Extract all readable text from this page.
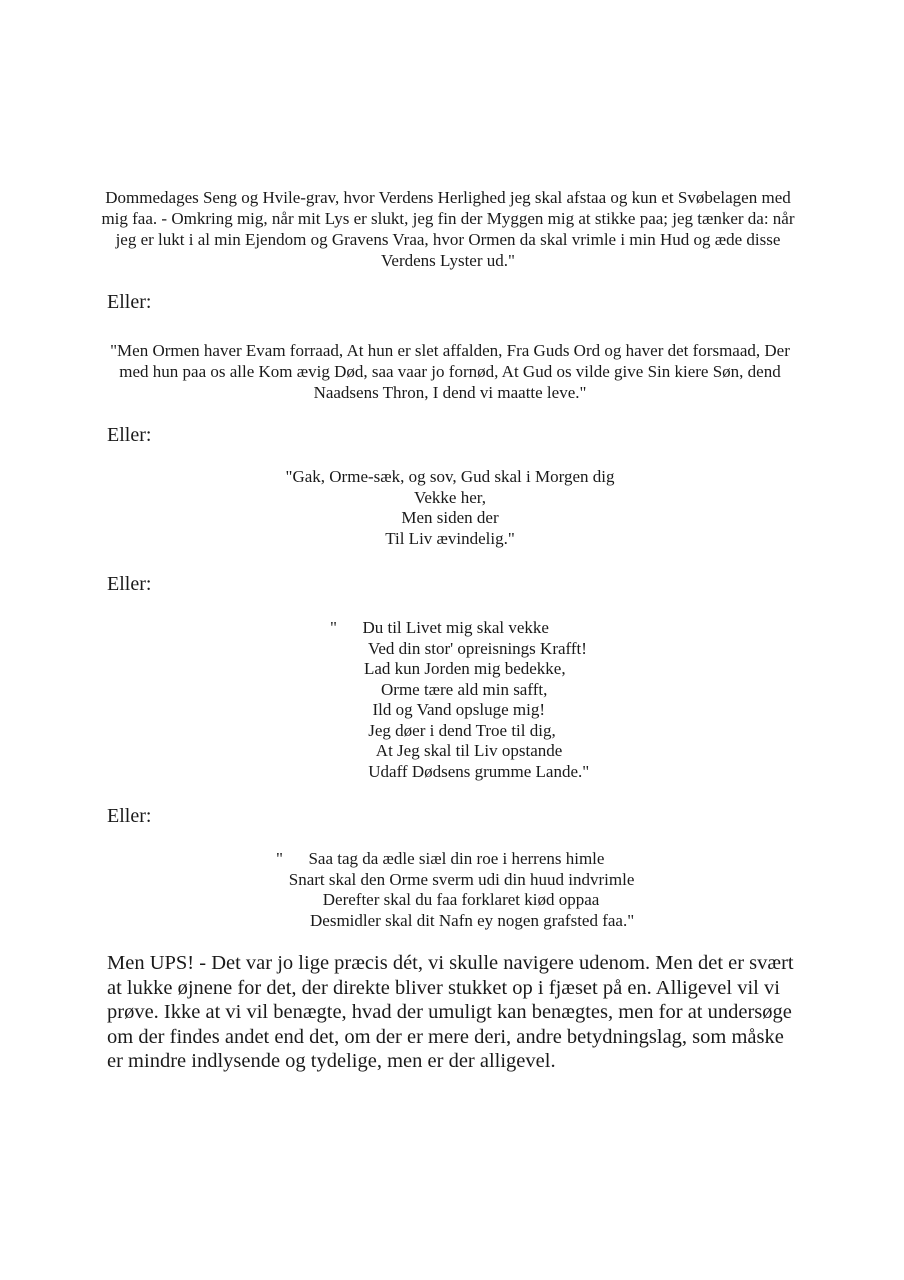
Dommedages Seng og Hvile-grav, hvor Verdens Herlighed jeg skal afstaa og kun et Svøbelagen med mig faa. - Omkring mig, når mit Lys er slukt, jeg fin der Myggen mig at stikke paa; jeg tænker da: når jeg er lukt i al min Ejendom og Gravens Vraa, hvor Ormen da skal vrimle i min Hud og æde disse Verdens Lyster ud."
Eller:
"Men Ormen haver Evam forraad, At hun er slet affalden, Fra Guds Ord og haver det forsmaad, Der med hun paa os alle Kom ævig Død, saa vaar jo fornød, At Gud os vilde give Sin kiere Søn, dend Naadsens Thron, I dend vi maatte leve."
Eller:
"Gak, Orme-sæk, og sov, Gud skal i Morgen dig
Vekke her,
Men siden der
Til Liv ævindelig."
Eller:
"      Du til Livet mig skal vekke
Ved din stor' opreisnings Krafft!
Lad kun Jorden mig bedekke,
Orme tære ald min safft,
Ild og Vand opsluge mig!
Jeg døer i dend Troe til dig,
At Jeg skal til Liv opstande
Udaff Dødsens grumme Lande."
Eller:
"      Saa tag da ædle siæl din roe i herrens himle
Snart skal den Orme sverm udi din huud indvrimle
Derefter skal du faa forklaret kiød oppaa
Desmidler skal dit Nafn ey nogen grafsted faa."
Men UPS! - Det var jo lige præcis dét, vi skulle navigere udenom. Men det er svært at lukke øjnene for det, der direkte bliver stukket op i fjæset på en. Alligevel vil vi prøve. Ikke at vi vil benægte, hvad der umuligt kan benægtes, men for at undersøge om der findes andet end det, om der er mere deri, andre betydningslag, som måske er mindre indlysende og tydelige, men er der alligevel.
